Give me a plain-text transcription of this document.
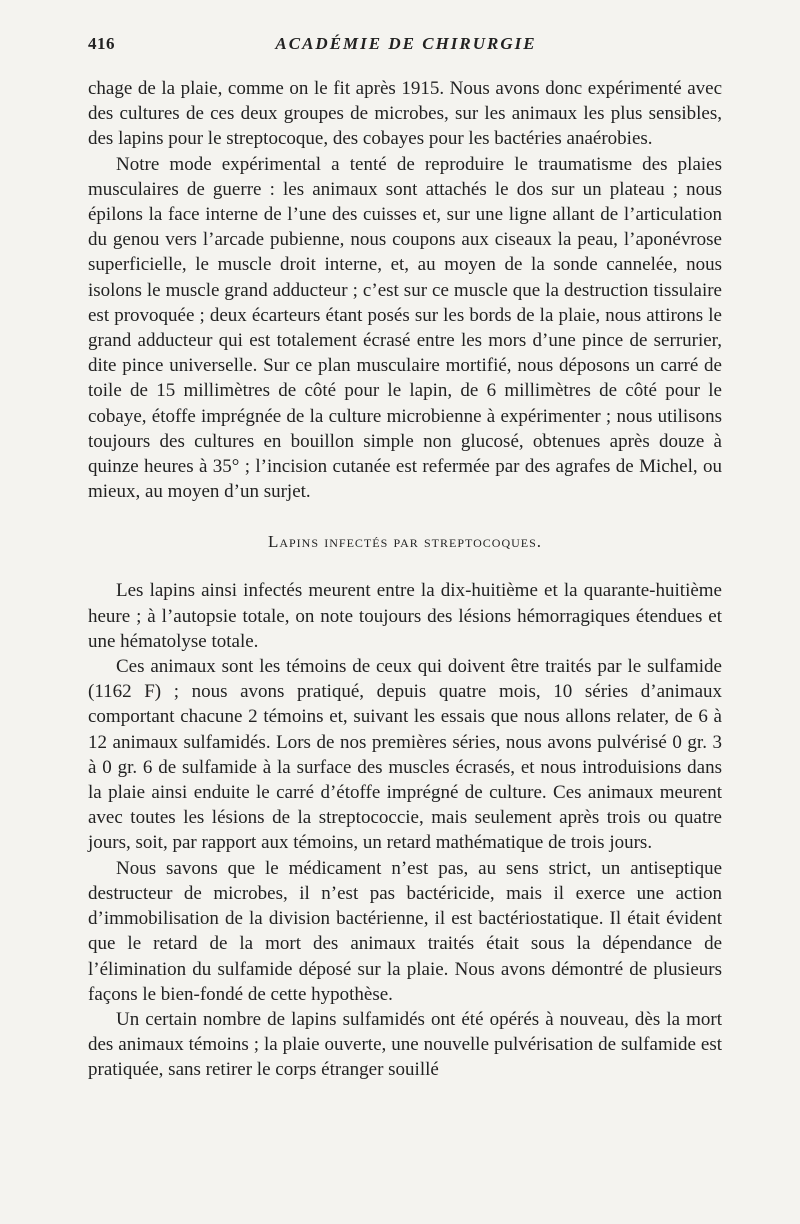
416	ACADÉMIE DE CHIRURGIE

chage de la plaie, comme on le fit après 1915. Nous avons donc expérimenté avec des cultures de ces deux groupes de microbes, sur les animaux les plus sensibles, des lapins pour le streptocoque, des cobayes pour les bactéries anaérobies.

Notre mode expérimental a tenté de reproduire le traumatisme des plaies musculaires de guerre : les animaux sont attachés le dos sur un plateau ; nous épilons la face interne de l’une des cuisses et, sur une ligne allant de l’articulation du genou vers l’arcade pubienne, nous coupons aux ciseaux la peau, l’aponévrose superficielle, le muscle droit interne, et, au moyen de la sonde cannelée, nous isolons le muscle grand adducteur ; c’est sur ce muscle que la destruction tissulaire est provoquée ; deux écarteurs étant posés sur les bords de la plaie, nous attirons le grand adducteur qui est totalement écrasé entre les mors d’une pince de serrurier, dite pince universelle. Sur ce plan musculaire mortifié, nous déposons un carré de toile de 15 millimètres de côté pour le lapin, de 6 millimètres de côté pour le cobaye, étoffe imprégnée de la culture microbienne à expérimenter ; nous utilisons toujours des cultures en bouillon simple non glucosé, obtenues après douze à quinze heures à 35° ; l’incision cutanée est refermée par des agrafes de Michel, ou mieux, au moyen d’un surjet.

Lapins infectés par streptocoques.

Les lapins ainsi infectés meurent entre la dix-huitième et la quarante-huitième heure ; à l’autopsie totale, on note toujours des lésions hémorragiques étendues et une hématolyse totale.

Ces animaux sont les témoins de ceux qui doivent être traités par le sulfamide (1162 F) ; nous avons pratiqué, depuis quatre mois, 10 séries d’animaux comportant chacune 2 témoins et, suivant les essais que nous allons relater, de 6 à 12 animaux sulfamidés. Lors de nos premières séries, nous avons pulvérisé 0 gr. 3 à 0 gr. 6 de sulfamide à la surface des muscles écrasés, et nous introduisions dans la plaie ainsi enduite le carré d’étoffe imprégné de culture. Ces animaux meurent avec toutes les lésions de la streptococcie, mais seulement après trois ou quatre jours, soit, par rapport aux témoins, un retard mathématique de trois jours.

Nous savons que le médicament n’est pas, au sens strict, un antiseptique destructeur de microbes, il n’est pas bactéricide, mais il exerce une action d’immobilisation de la division bactérienne, il est bactériostatique. Il était évident que le retard de la mort des animaux traités était sous la dépendance de l’élimination du sulfamide déposé sur la plaie. Nous avons démontré de plusieurs façons le bien-fondé de cette hypothèse.

Un certain nombre de lapins sulfamidés ont été opérés à nouveau, dès la mort des animaux témoins ; la plaie ouverte, une nouvelle pulvérisation de sulfamide est pratiquée, sans retirer le corps étranger souillé
